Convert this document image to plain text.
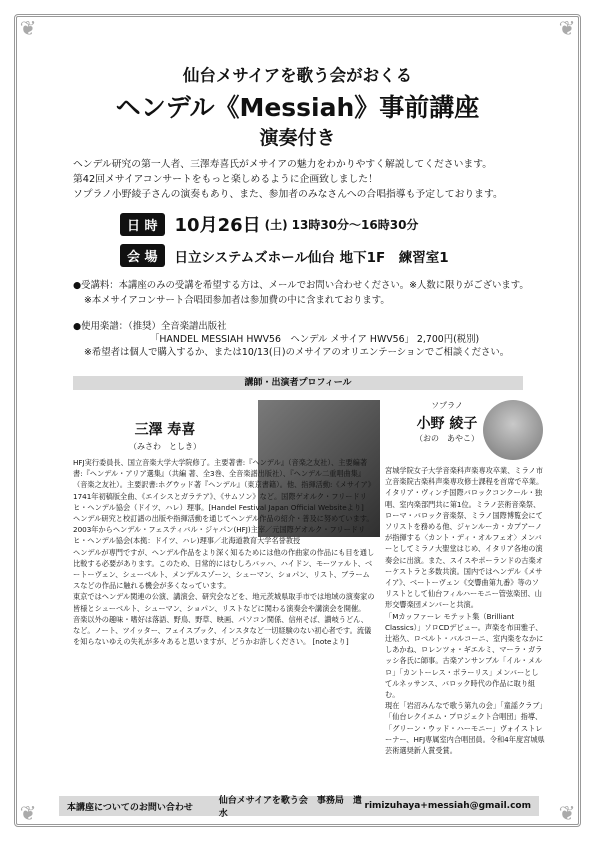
❦	❦
❦	❦
仙台メサイアを歌う会がおくる
ヘンデル《Messiah》事前講座
演奏付き
ヘンデル研究の第一人者、三澤寿喜氏がメサイアの魅力をわかりやすく解説してくださいます。
第42回メサイアコンサートをもっと楽しめるように企画致しました！
ソプラノ小野綾子さんの演奏もあり、また、参加者のみなさんへの合唱指導も予定しております。
日 時 10月26日 (土) 13時30分〜16時30分
会 場	日立システムズホール仙台 地下1F　練習室1
●受講料：本講座のみの受講を希望する方は、メールでお問い合わせください。※人数に限りがございます。
※本メサイアコンサート合唱団参加者は参加費の中に含まれております。
●使用楽譜：（推奨）全音楽譜出版社
「HANDEL MESSIAH HWV56　ヘンデル メサイア HWV56」 2,700円(税別)
※希望者は個人で購入するか、または10/13(日)のメサイアのオリエンテーションでご相談ください。
講師・出演者プロフィール
三澤 寿喜
（みさわ　としき）
HFJ実行委員長、国立音楽大学大学院修了。主要著書:『ヘンデル』（音楽之友社）、主要編著書:『ヘンデル・アリア選集』（共編 著、全3巻、全音楽譜出版社）、『ヘンデル二重唱曲集』（音楽之友社）。主要訳書:ホグウッド著『ヘンデル』（東京書籍）。他、指揮活動:《メサイア》1741年初稿版全曲、《エイシスとガラテア》、《サムソン》など。国際ゲオルク・フリードリヒ・ヘンデル協会（ドイツ、ハレ）理事。[Handel Festival Japan Official Websiteより]
ヘンデル研究と校訂譜の出版や指揮活動を通じてヘンデル作品の紹介・普及に努めています。
2003年からヘンデル・フェスティバル・ジャパン(HFJ)主宰／元国際ゲオルク・フリードリヒ・ヘンデル協会(本拠：ドイツ、ハレ)理事／北海道教育大学名誉教授
ヘンデルが専門ですが、ヘンデル作品をより深く知るためには他の作曲家の作品にも目を通し比較する必要があります。このため、日常的にはむしろバッハ、ハイドン、モーツァルト、ベートーヴェン、シューベルト、メンデルスゾーン、シューマン、ショパン、リスト、ブラームスなどの作品に触れる機会が多くなっています。
東京ではヘンデル関連の公演、講演会、研究会などを、地元茨城県取手市では地域の演奏家の皆様とシューベルト、シューマン、ショパン、リストなどに関わる演奏会や講演会を開催。
音楽以外の趣味・嗜好は落語、野鳥、野草、映画、パソコン関係、信州そば、讃岐うどん、など。ノート、ツイッター、フェイスブック、インスタなど一切経験のない初心者です。流儀を知らないゆえの失礼が多々あると思いますが、どうかお許しください。 [noteより]
ソプラノ
小野 綾子
（おの　あやこ）
宮城学院女子大学音楽科声楽専攻卒業、ミラノ市立音楽院古楽科声楽専攻修士課程を首席で卒業。
イタリア・ヴィンチ国際バロックコンクール・独唱、室内楽部門共に第1位。ミラノ芸術音楽祭、ローマ・バロック音楽祭、ミラノ国際博覧会にてソリストを務める他、ジャンルーカ・カプアーノが指揮する〈カント・ディ・オルフェオ〉メンバーとしてミラノ大聖堂はじめ、イタリア各地の演奏会に出演。また、スイスやポーランドの古楽オーケストラと多数共演。国内ではヘンデル《メサイア》、ベートーヴェン《交響曲第九番》等のソリストとして仙台フィルハーモニー管弦楽団、山形交響楽団メンバーと共演。
「Mカッファーレ モテット集（Brilliant Classics）」ソロCDデビュー。声楽を布田雅子、辻裕久、ロベルト・バルコーニ、室内楽をなかにしあかね、ロレンツォ・ギエルミ、マーラ・ガラッシ各氏に師事。古楽アンサンブル「イル・メルロ」「カントーレス・ポラーリス」メンバーとしてルネッサンス、バロック時代の作品に取り組む。
現在「岩沼みんなで歌う第九の会」「童謡クラブ」「仙台レクイエム・プロジェクト合唱団」指導、「グリーン・ウッド・ハーモニー」ヴォイストレーナー、HFJ専属室内合唱団員。令和4年度宮城県芸術選奨新人賞受賞。
本講座についてのお問い合わせ
仙台メサイアを歌う会　事務局　遣水
rimizuhaya+messiah@gmail.com
